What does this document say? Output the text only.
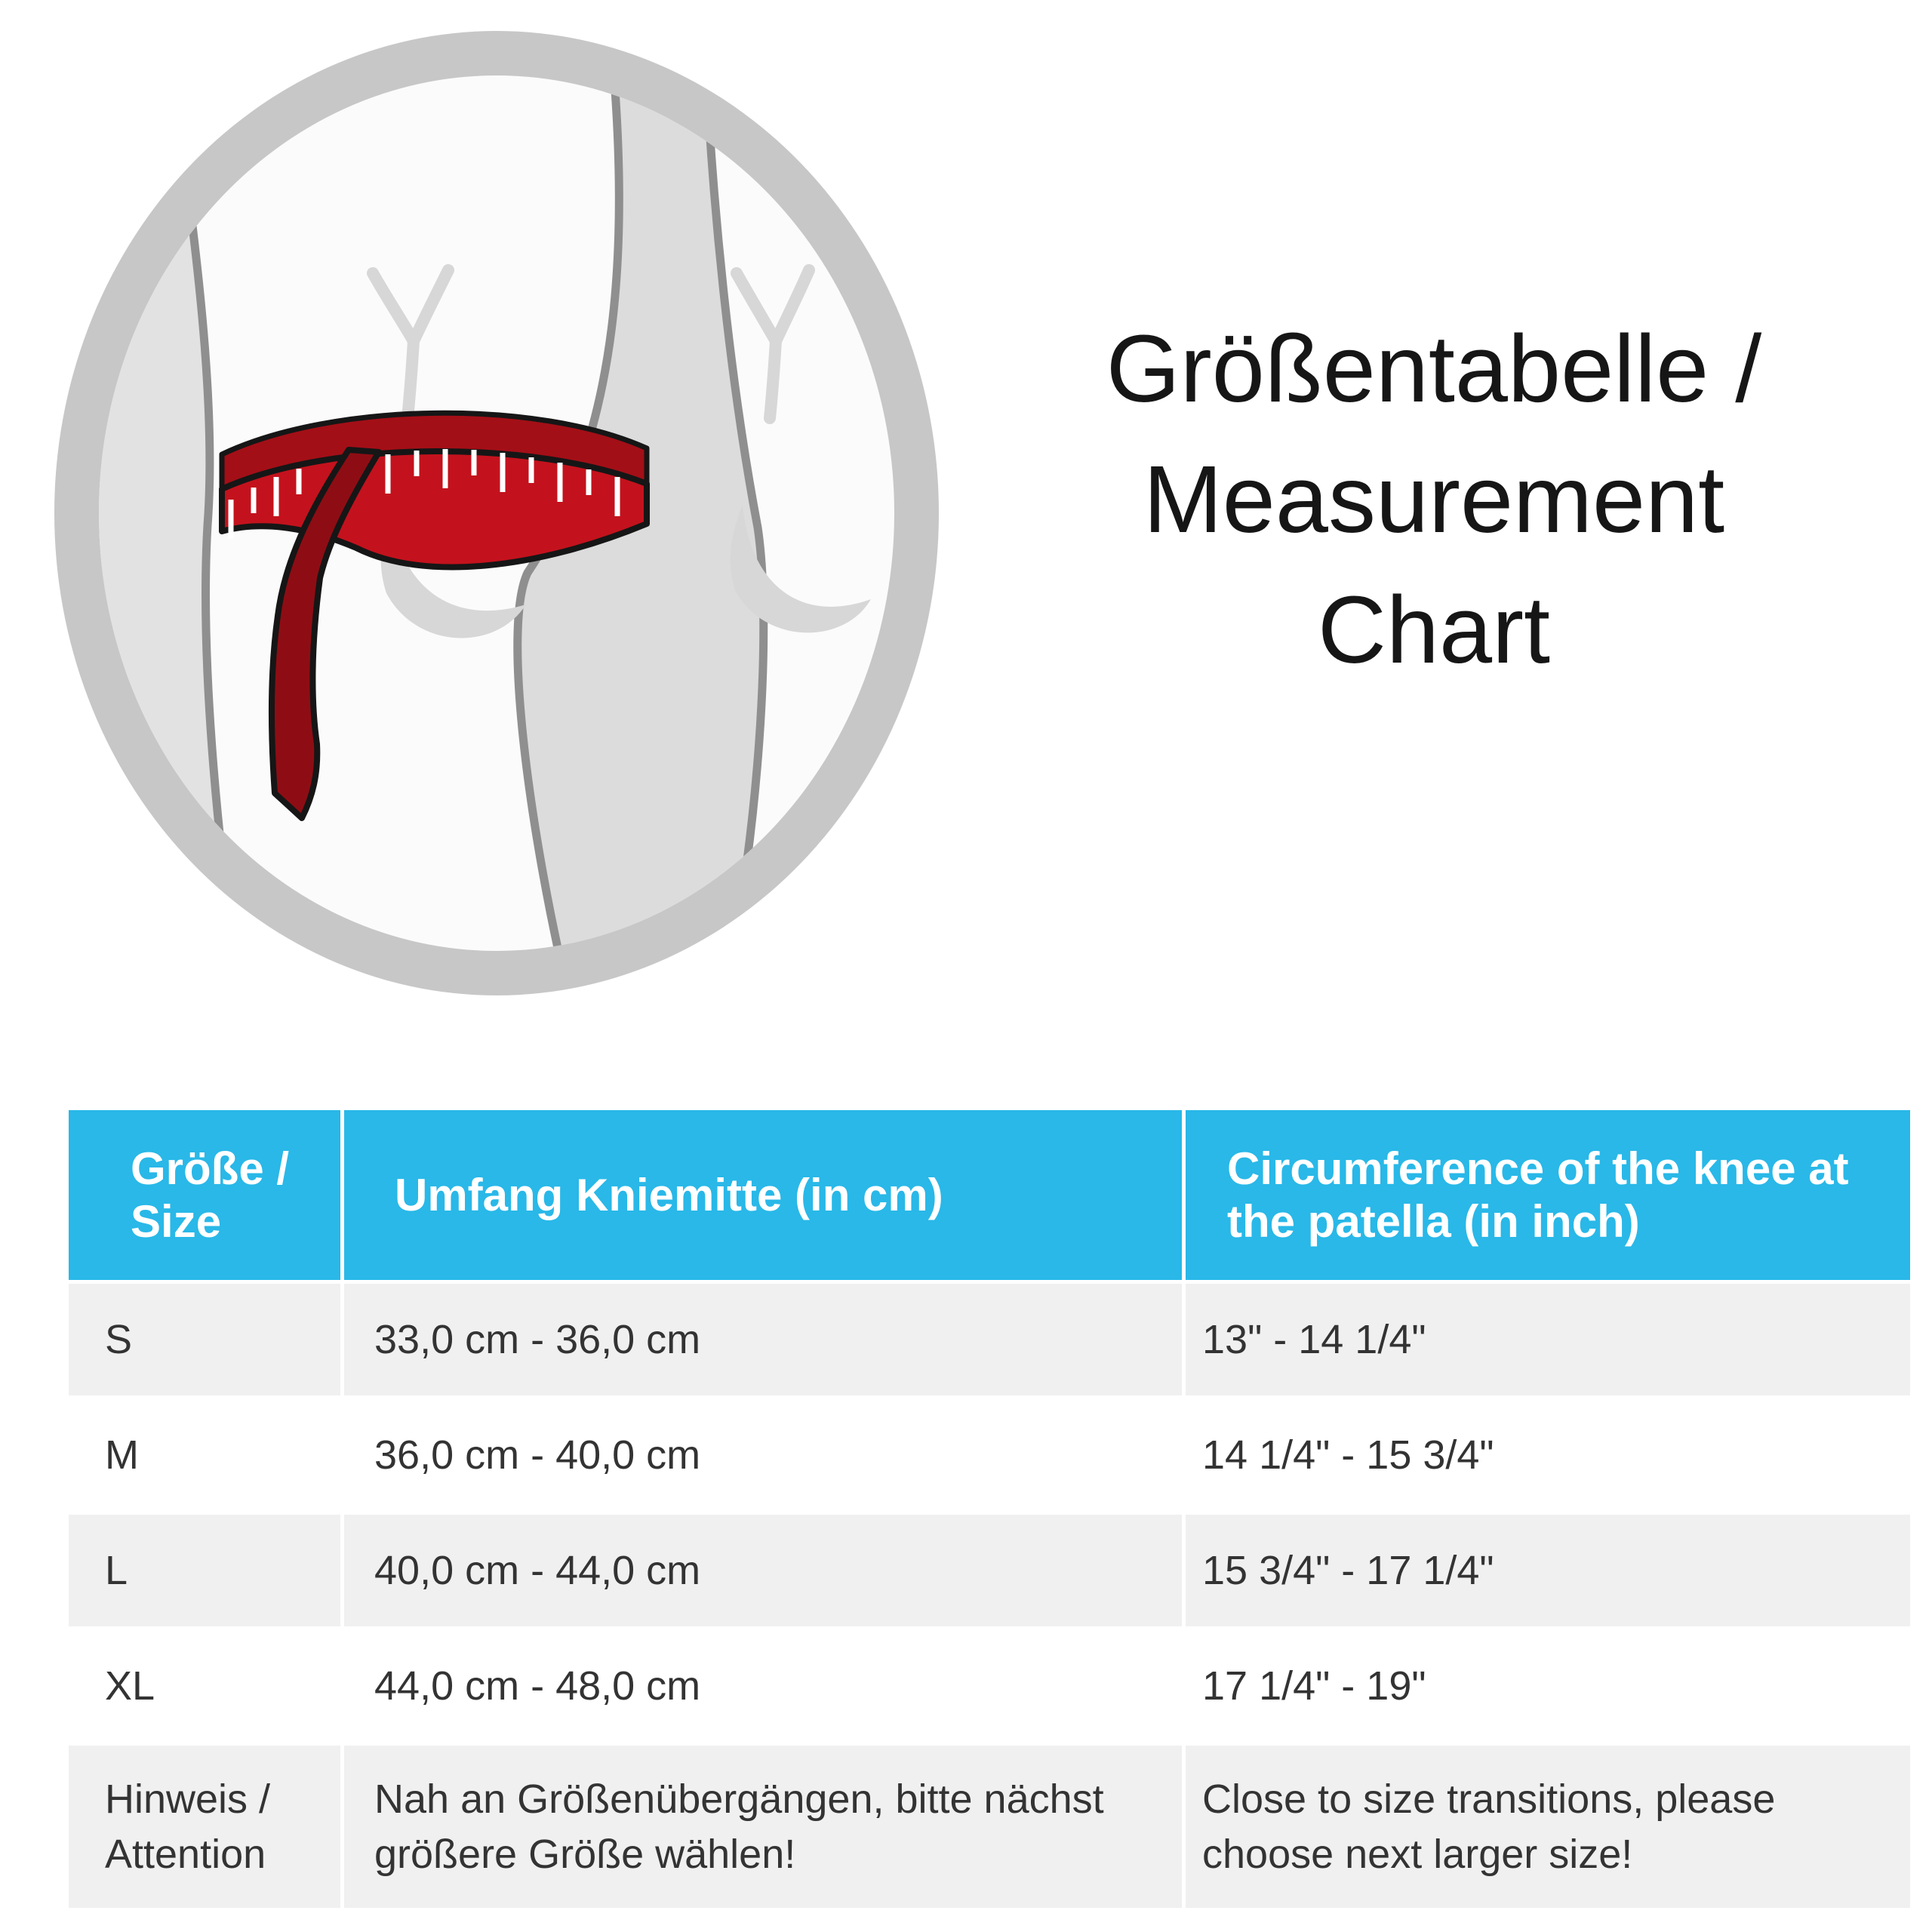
Größentabelle /
Measurement
Chart
Größe / Size	Umfang Kniemitte (in cm)	Circumference of the knee at the patella (in inch)
S	33,0 cm - 36,0 cm	13" - 14 1/4"
M	36,0 cm - 40,0 cm	14 1/4" - 15 3/4"
L	40,0 cm - 44,0 cm	15 3/4" - 17 1/4"
XL	44,0 cm - 48,0 cm	17 1/4" - 19"
Hinweis / Attention	Nah an Größenübergängen, bitte nächst größere Größe wählen!	Close to size transitions, please choose next larger size!
